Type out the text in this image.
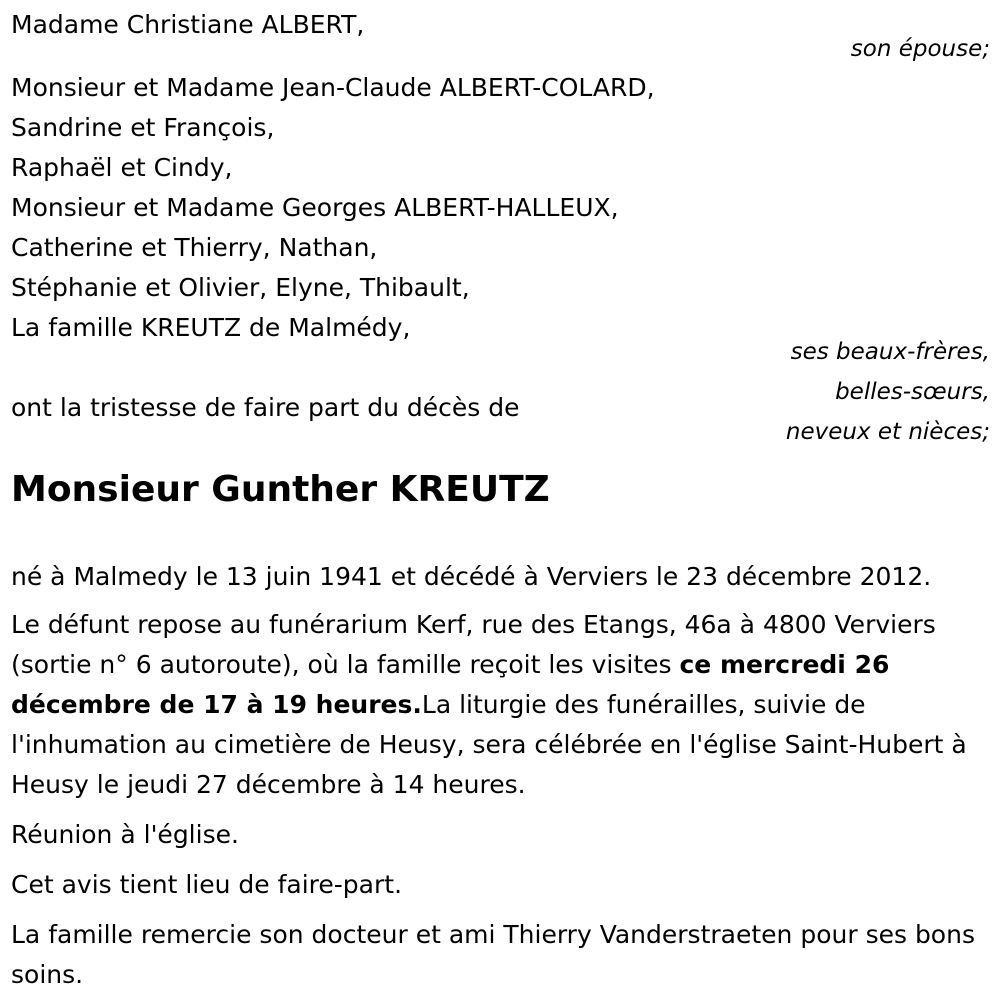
Madame Christiane ALBERT,
son épouse;
Monsieur et Madame Jean-Claude ALBERT-COLARD,
Sandrine et François,
Raphaël et Cindy,
Monsieur et Madame Georges ALBERT-HALLEUX,
Catherine et Thierry, Nathan,
Stéphanie et Olivier, Elyne, Thibault,
La famille KREUTZ de Malmédy,
ses beaux-frères,
belles-sœurs,
neveux et nièces;
ont la tristesse de faire part du décès de
Monsieur Gunther KREUTZ
né à Malmedy le 13 juin 1941 et décédé à Verviers le 23 décembre 2012.
Le défunt repose au funérarium Kerf, rue des Etangs, 46a à 4800 Verviers (sortie n° 6 autoroute), où la famille reçoit les visites ce mercredi 26 décembre de 17 à 19 heures.La liturgie des funérailles, suivie de l'inhumation au cimetière de Heusy, sera célébrée en l'église Saint-Hubert à Heusy le jeudi 27 décembre à 14 heures.
Réunion à l'église.
Cet avis tient lieu de faire-part.
La famille remercie son docteur et ami Thierry Vanderstraeten pour ses bons soins.
